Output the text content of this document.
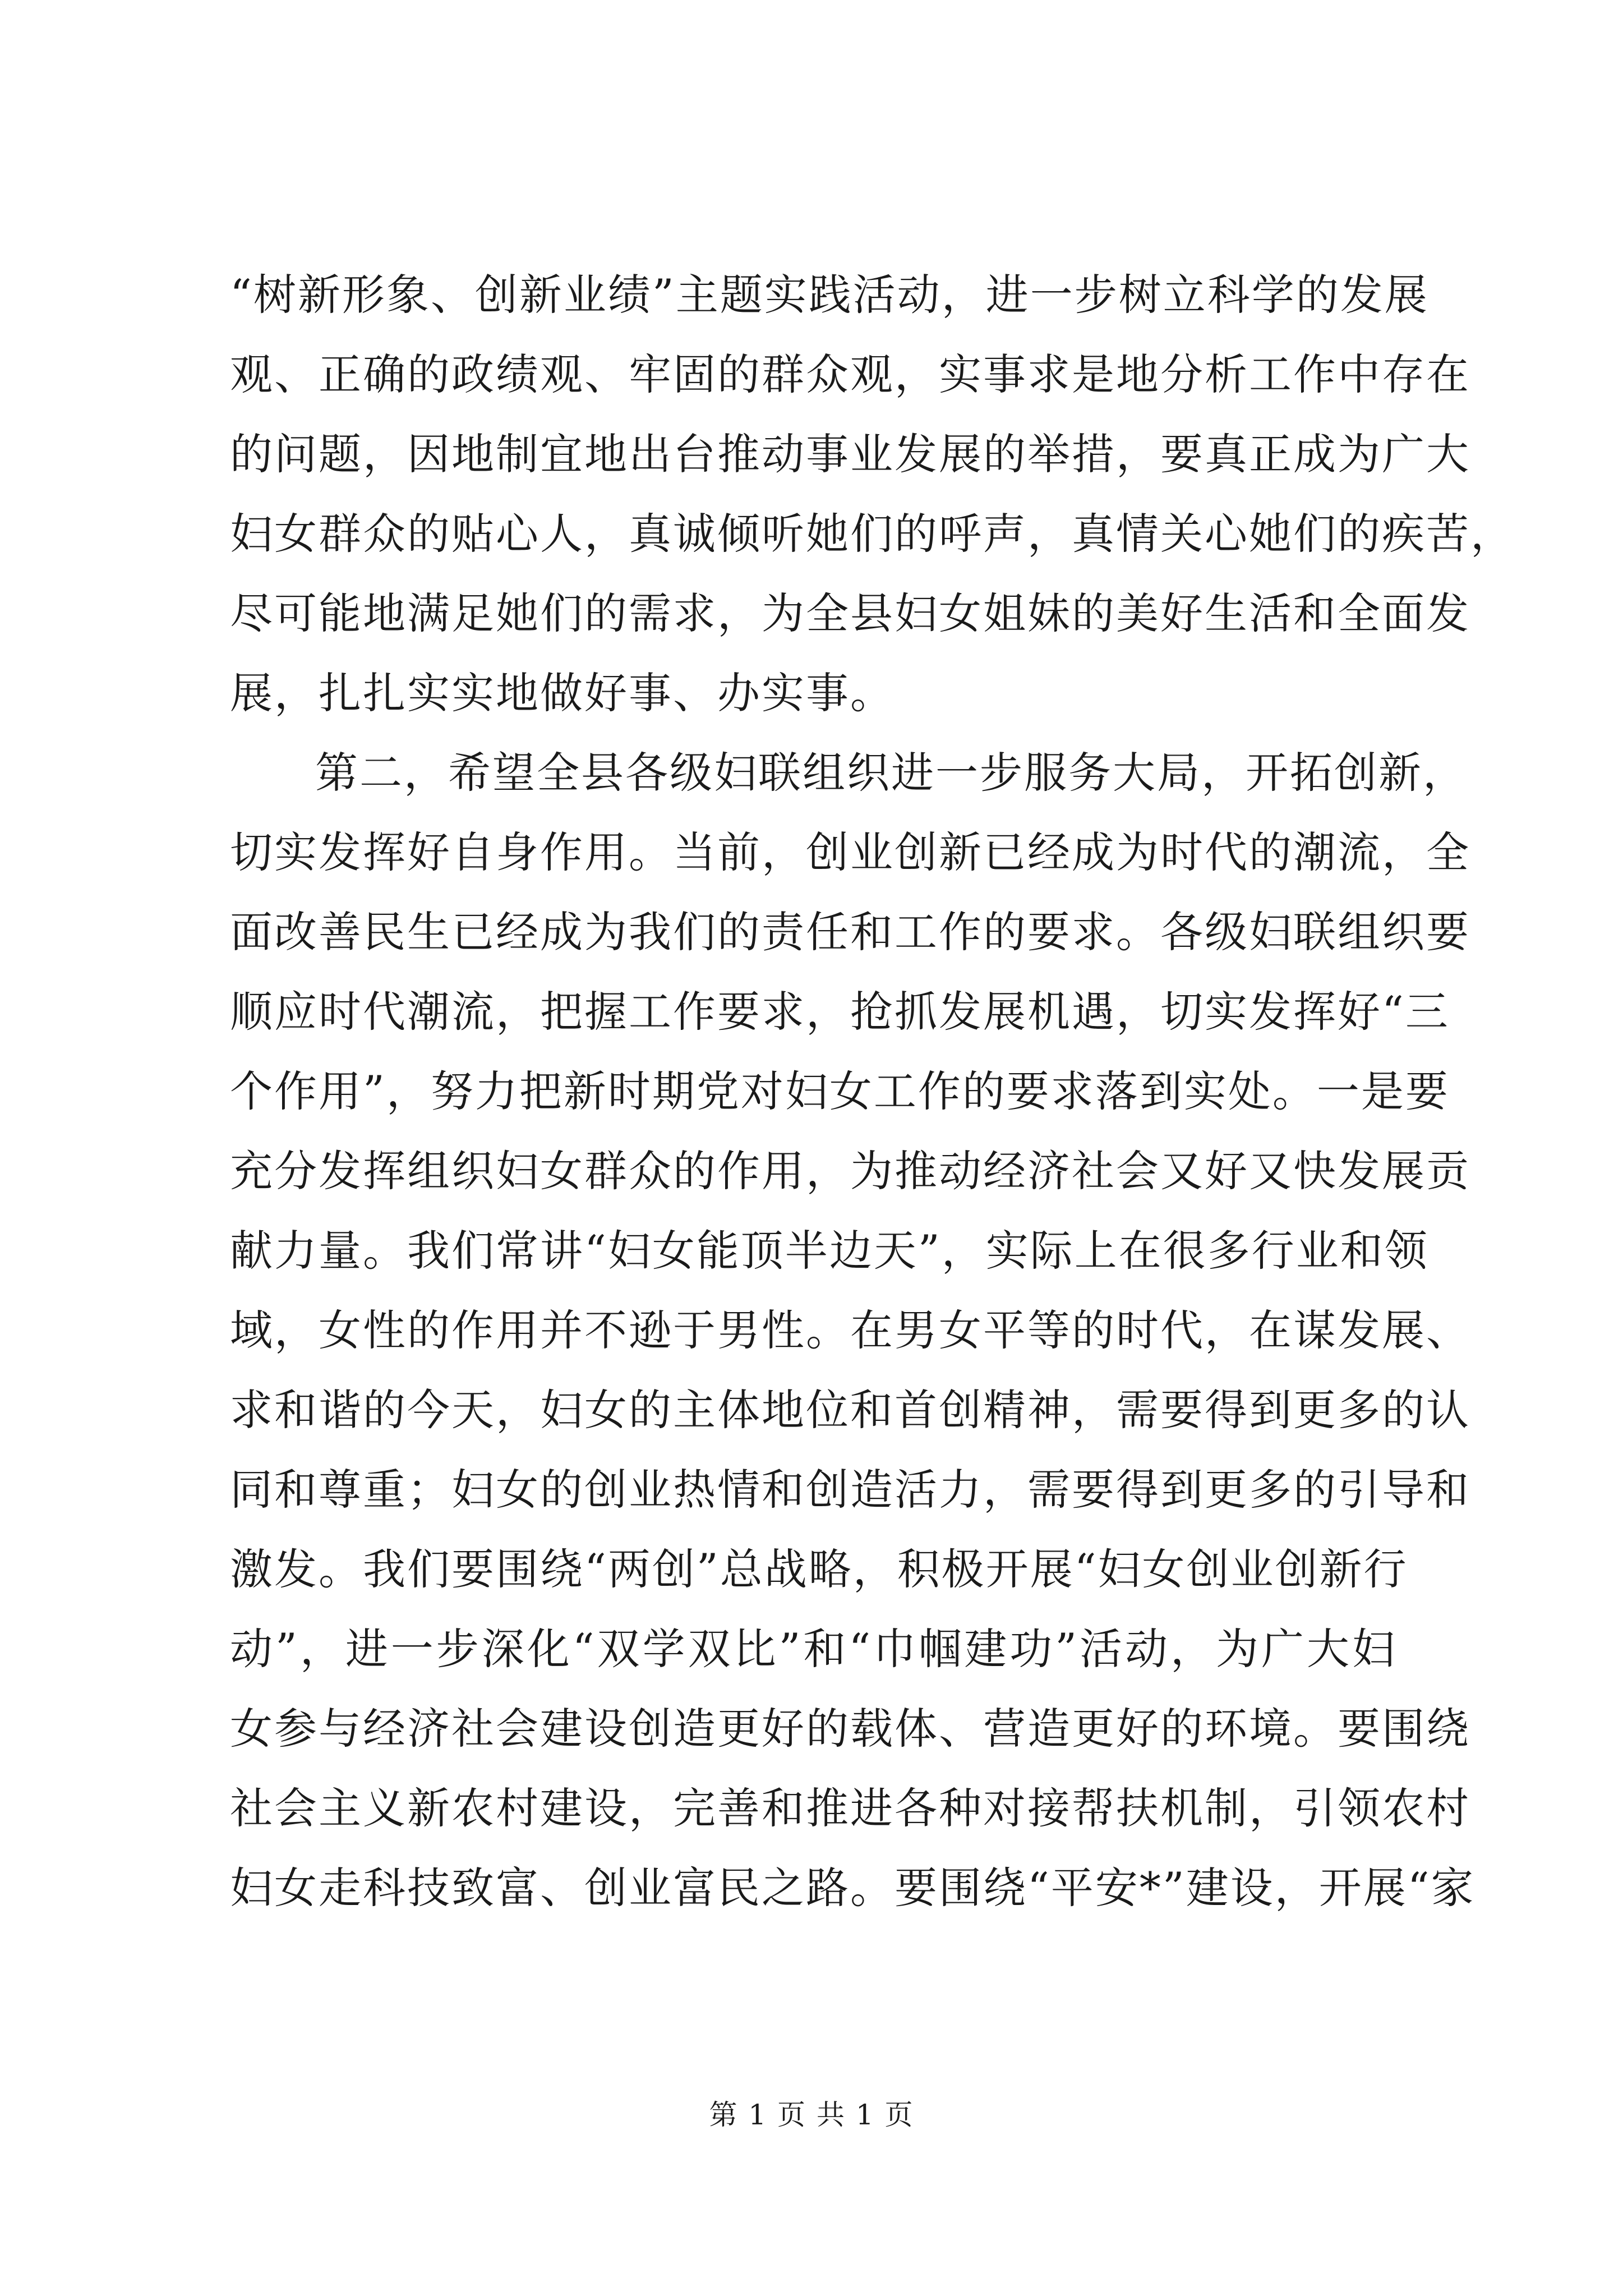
“树新形象、创新业绩”主题实践活动，进一步树立科学的发展
观、正确的政绩观、牢固的群众观，实事求是地分析工作中存在
的问题，因地制宜地出台推动事业发展的举措，要真正成为广大
妇女群众的贴心人，真诚倾听她们的呼声，真情关心她们的疾苦，
尽可能地满足她们的需求，为全县妇女姐妹的美好生活和全面发
展，扎扎实实地做好事、办实事。
第二，希望全县各级妇联组织进一步服务大局，开拓创新，
切实发挥好自身作用。当前，创业创新已经成为时代的潮流，全
面改善民生已经成为我们的责任和工作的要求。各级妇联组织要
顺应时代潮流，把握工作要求，抢抓发展机遇，切实发挥好“三
个作用”，努力把新时期党对妇女工作的要求落到实处。一是要
充分发挥组织妇女群众的作用，为推动经济社会又好又快发展贡
献力量。我们常讲“妇女能顶半边天”，实际上在很多行业和领
域，女性的作用并不逊于男性。在男女平等的时代，在谋发展、
求和谐的今天，妇女的主体地位和首创精神，需要得到更多的认
同和尊重；妇女的创业热情和创造活力，需要得到更多的引导和
激发。我们要围绕“两创”总战略，积极开展“妇女创业创新行
动”，进一步深化“双学双比”和“巾帼建功”活动，为广大妇
女参与经济社会建设创造更好的载体、营造更好的环境。要围绕
社会主义新农村建设，完善和推进各种对接帮扶机制，引领农村
妇女走科技致富、创业富民之路。要围绕“平安*”建设，开展“家
第 1 页 共 1 页
